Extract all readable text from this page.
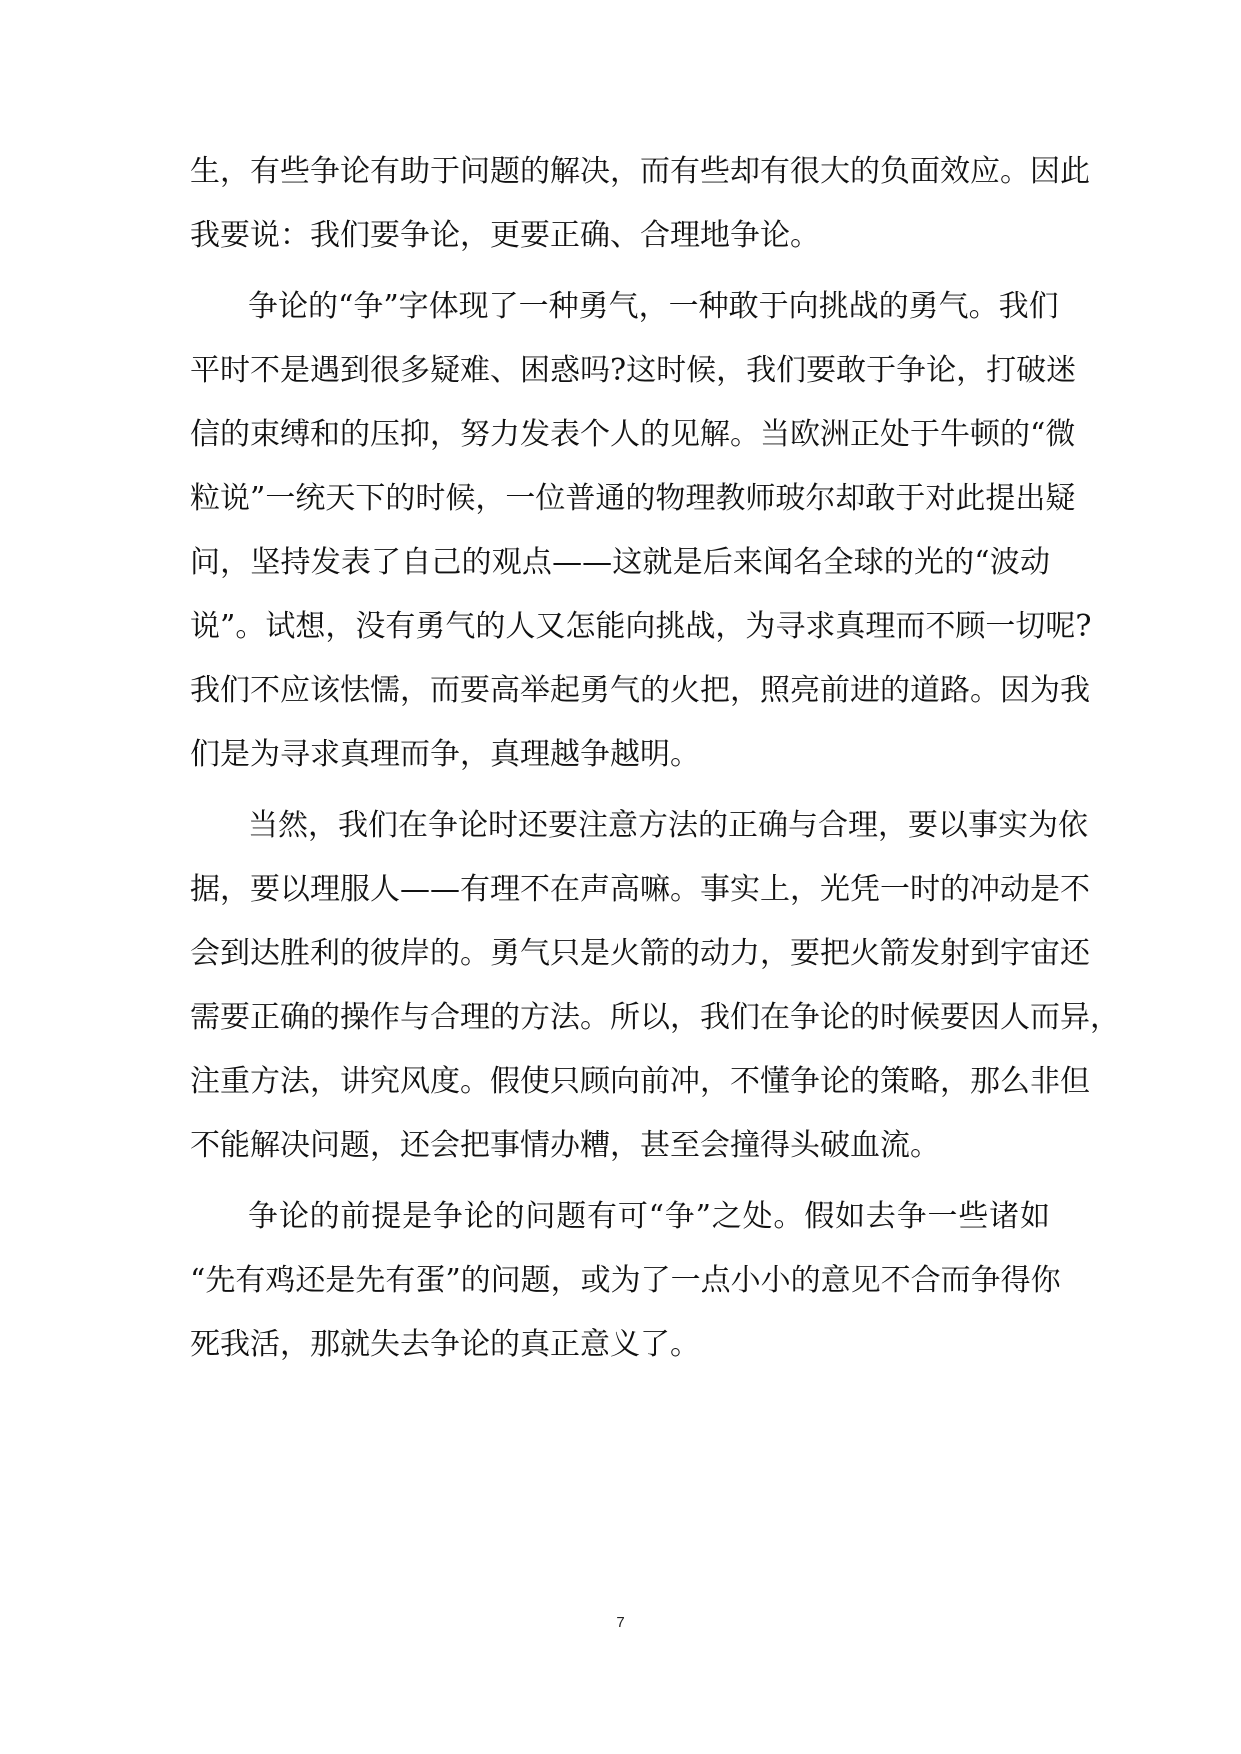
生，有些争论有助于问题的解决，而有些却有很大的负面效应。因此
我要说：我们要争论，更要正确、合理地争论。
争论的“争”字体现了一种勇气，一种敢于向挑战的勇气。我们
平时不是遇到很多疑难、困惑吗?这时候，我们要敢于争论，打破迷
信的束缚和的压抑，努力发表个人的见解。当欧洲正处于牛顿的“微
粒说”一统天下的时候，一位普通的物理教师玻尔却敢于对此提出疑
问，坚持发表了自己的观点——这就是后来闻名全球的光的“波动
说”。试想，没有勇气的人又怎能向挑战，为寻求真理而不顾一切呢?
我们不应该怯懦，而要高举起勇气的火把，照亮前进的道路。因为我
们是为寻求真理而争，真理越争越明。
当然，我们在争论时还要注意方法的正确与合理，要以事实为依
据，要以理服人——有理不在声高嘛。事实上，光凭一时的冲动是不
会到达胜利的彼岸的。勇气只是火箭的动力，要把火箭发射到宇宙还
需要正确的操作与合理的方法。所以，我们在争论的时候要因人而异，
注重方法，讲究风度。假使只顾向前冲，不懂争论的策略，那么非但
不能解决问题，还会把事情办糟，甚至会撞得头破血流。
争论的前提是争论的问题有可“争”之处。假如去争一些诸如
“先有鸡还是先有蛋”的问题，或为了一点小小的意见不合而争得你
死我活，那就失去争论的真正意义了。
7
